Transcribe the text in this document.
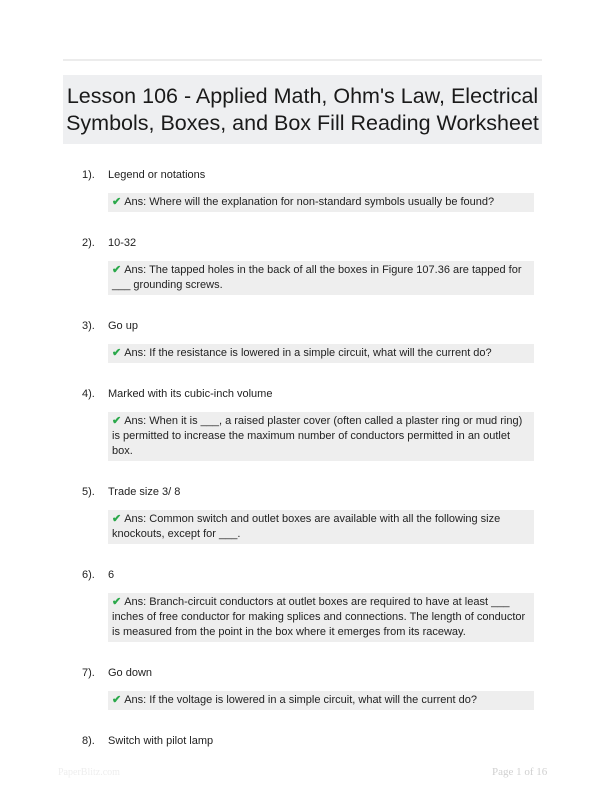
Lesson 106 - Applied Math, Ohm's Law, Electrical Symbols, Boxes, and Box Fill Reading Worksheet
1).	Legend or notations
✔ Ans: Where will the explanation for non-standard symbols usually be found?
2).	10-32
✔ Ans: The tapped holes in the back of all the boxes in Figure 107.36 are tapped for ___ grounding screws.
3).	Go up
✔ Ans: If the resistance is lowered in a simple circuit, what will the current do?
4).	Marked with its cubic-inch volume
✔ Ans: When it is ___, a raised plaster cover (often called a plaster ring or mud ring) is permitted to increase the maximum number of conductors permitted in an outlet box.
5).	Trade size 3/ 8
✔ Ans: Common switch and outlet boxes are available with all the following size knockouts, except for ___.
6).	6
✔ Ans: Branch-circuit conductors at outlet boxes are required to have at least ___ inches of free conductor for making splices and connections. The length of conductor is measured from the point in the box where it emerges from its raceway.
7).	Go down
✔ Ans: If the voltage is lowered in a simple circuit, what will the current do?
8).	Switch with pilot lamp
PaperBlitz.com	Page 1 of 16
